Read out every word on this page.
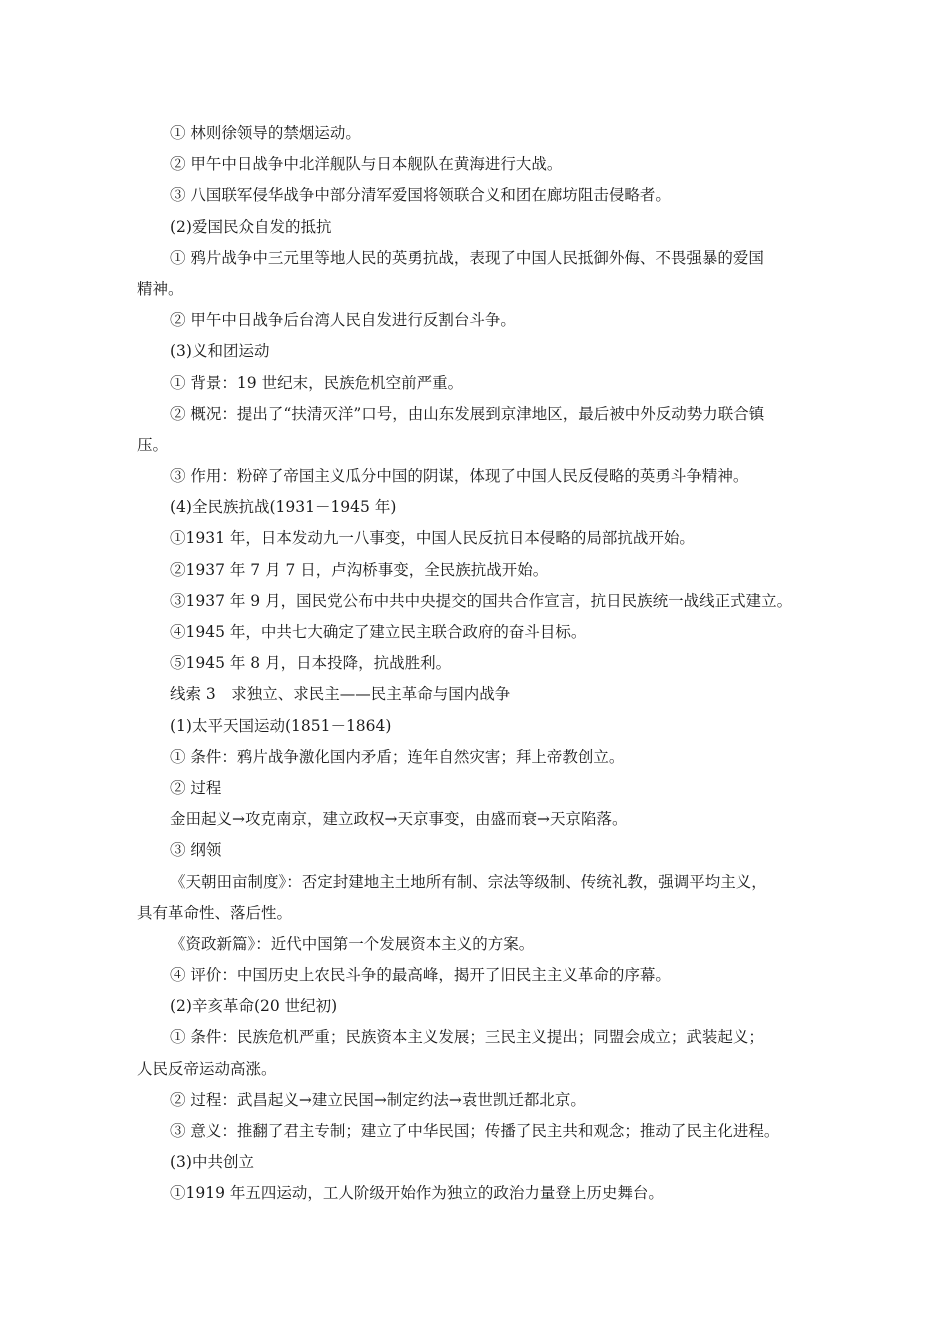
① 林则徐领导的禁烟运动。
② 甲午中日战争中北洋舰队与日本舰队在黄海进行大战。
③ 八国联军侵华战争中部分清军爱国将领联合义和团在廊坊阻击侵略者。
(2)爱国民众自发的抵抗
① 鸦片战争中三元里等地人民的英勇抗战，表现了中国人民抵御外侮、不畏强暴的爱国
精神。
② 甲午中日战争后台湾人民自发进行反割台斗争。
(3)义和团运动
① 背景：19 世纪末，民族危机空前严重。
② 概况：提出了“扶清灭洋”口号，由山东发展到京津地区，最后被中外反动势力联合镇
压。
③ 作用：粉碎了帝国主义瓜分中国的阴谋，体现了中国人民反侵略的英勇斗争精神。
(4)全民族抗战(1931－1945 年)
①1931 年，日本发动九一八事变，中国人民反抗日本侵略的局部抗战开始。
②1937 年 7 月 7 日，卢沟桥事变，全民族抗战开始。
③1937 年 9 月，国民党公布中共中央提交的国共合作宣言，抗日民族统一战线正式建立。
④1945 年，中共七大确定了建立民主联合政府的奋斗目标。
⑤1945 年 8 月，日本投降，抗战胜利。
线索 3　求独立、求民主——民主革命与国内战争
(1)太平天国运动(1851－1864)
① 条件：鸦片战争激化国内矛盾；连年自然灾害；拜上帝教创立。
② 过程
金田起义→攻克南京，建立政权→天京事变，由盛而衰→天京陷落。
③ 纲领
《天朝田亩制度》：否定封建地主土地所有制、宗法等级制、传统礼教，强调平均主义，
具有革命性、落后性。
《资政新篇》：近代中国第一个发展资本主义的方案。
④ 评价：中国历史上农民斗争的最高峰，揭开了旧民主主义革命的序幕。
(2)辛亥革命(20 世纪初)
① 条件：民族危机严重；民族资本主义发展；三民主义提出；同盟会成立；武装起义；
人民反帝运动高涨。
② 过程：武昌起义→建立民国→制定约法→袁世凯迁都北京。
③ 意义：推翻了君主专制；建立了中华民国；传播了民主共和观念；推动了民主化进程。
(3)中共创立
①1919 年五四运动，工人阶级开始作为独立的政治力量登上历史舞台。
